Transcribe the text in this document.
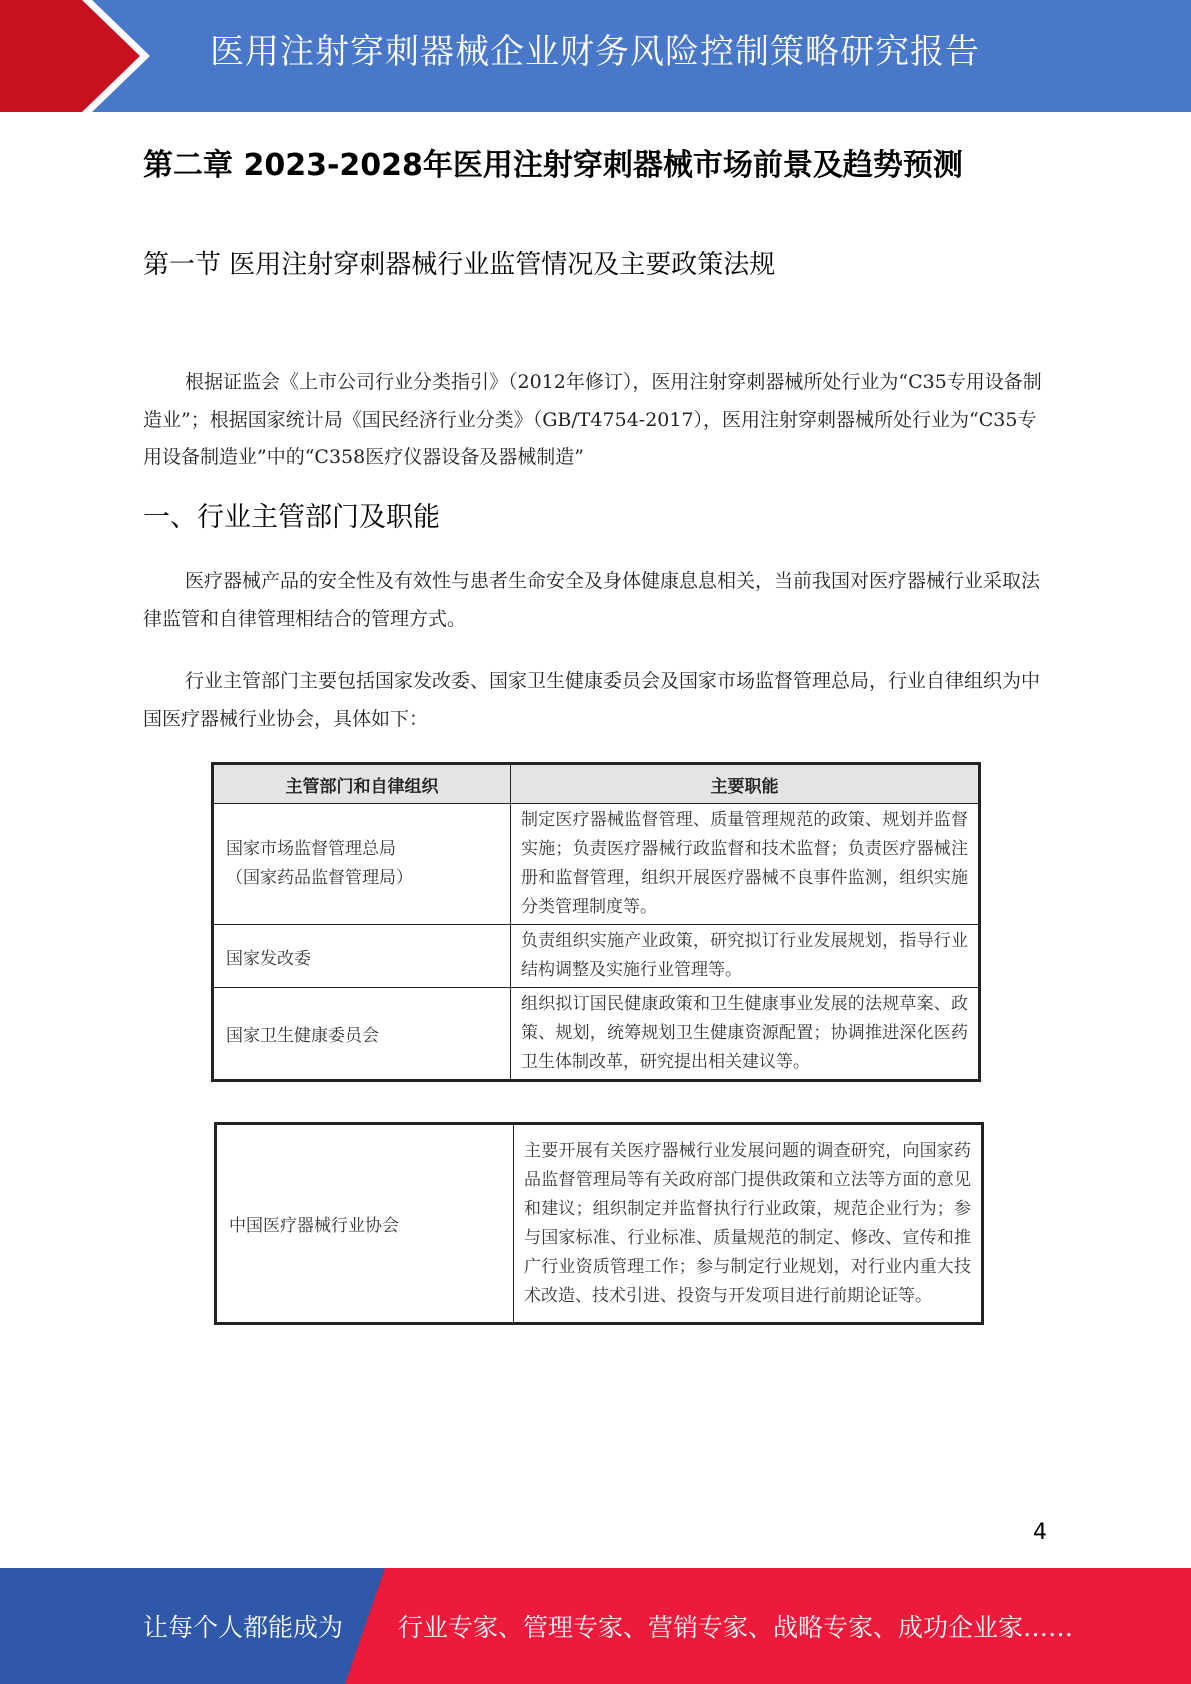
医用注射穿刺器械企业财务风险控制策略研究报告
第二章 2023-2028年医用注射穿刺器械市场前景及趋势预测
第一节 医用注射穿刺器械行业监管情况及主要政策法规

根据证监会《上市公司行业分类指引》（2012年修订），医用注射穿刺器械所处行业为“C35专用设备制造业”；根据国家统计局《国民经济行业分类》（GB/T4754-2017），医用注射穿刺器械所处行业为“C35专用设备制造业”中的“C358医疗仪器设备及器械制造”

一、行业主管部门及职能

医疗器械产品的安全性及有效性与患者生命安全及身体健康息息相关，当前我国对医疗器械行业采取法律监管和自律管理相结合的管理方式。

行业主管部门主要包括国家发改委、国家卫生健康委员会及国家市场监督管理总局，行业自律组织为中国医疗器械行业协会，具体如下：

主管部门和自律组织	主要职能

国家市场监督管理总局
（国家药品监督管理局）	制定医疗器械监督管理、质量管理规范的政策、规划并监督实施；负责医疗器械行政监督和技术监督；负责医疗器械注册和监督管理，组织开展医疗器械不良事件监测，组织实施分类管理制度等。
国家发改委	负责组织实施产业政策，研究拟订行业发展规划，指导行业结构调整及实施行业管理等。
国家卫生健康委员会	组织拟订国民健康政策和卫生健康事业发展的法规草案、政策、规划，统筹规划卫生健康资源配置；协调推进深化医药卫生体制改革，研究提出相关建议等。
中国医疗器械行业协会	主要开展有关医疗器械行业发展问题的调查研究，向国家药品监督管理局等有关政府部门提供政策和立法等方面的意见和建议；组织制定并监督执行行业政策，规范企业行为；参与国家标准、行业标准、质量规范的制定、修改、宣传和推广行业资质管理工作；参与制定行业规划，对行业内重大技术改造、技术引进、投资与开发项目进行前期论证等。
4
让每个人都能成为 行业专家、管理专家、营销专家、战略专家、成功企业家……
